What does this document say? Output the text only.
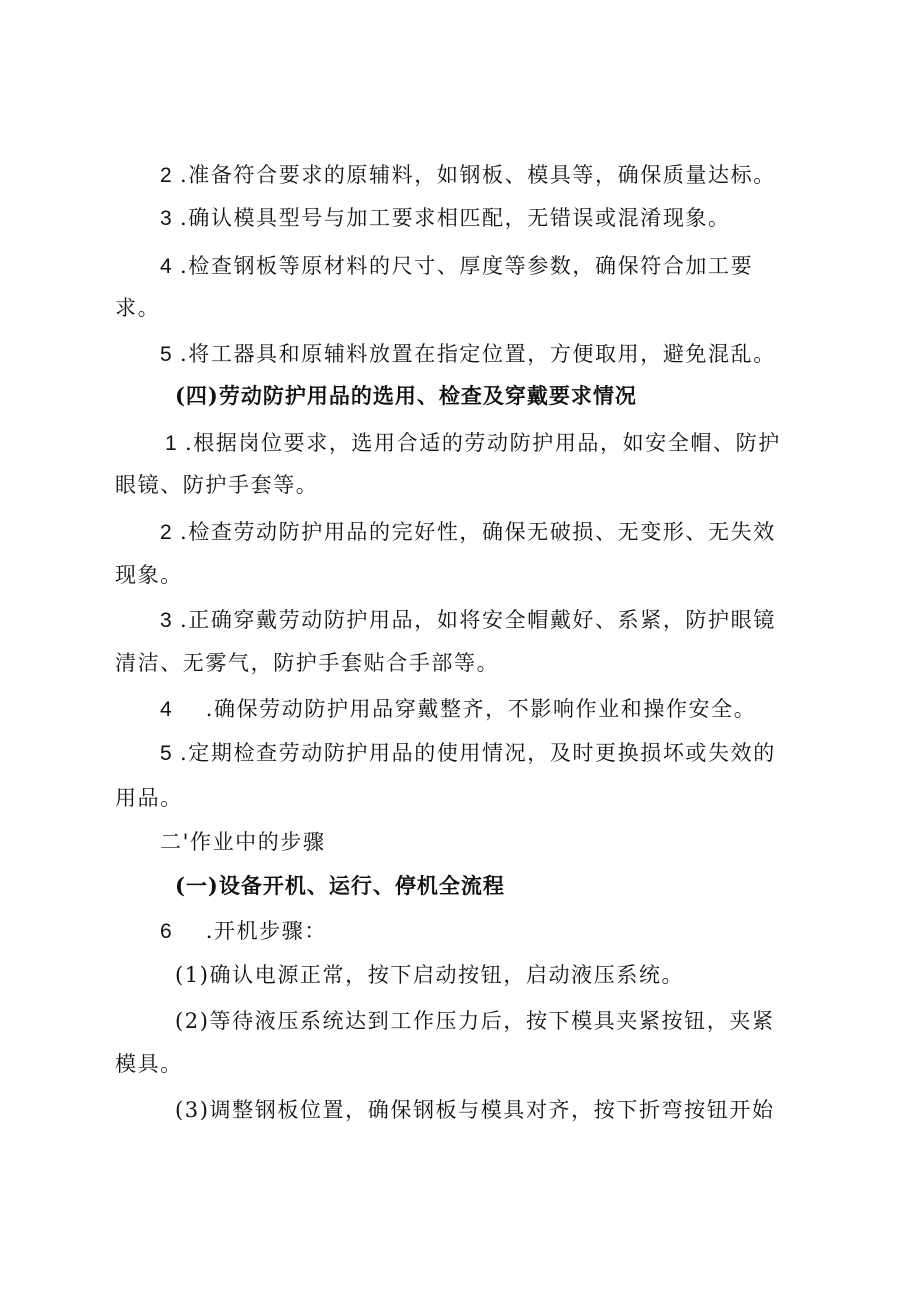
2 .准备符合要求的原辅料，如钢板、模具等，确保质量达标。
3 .确认模具型号与加工要求相匹配，无错误或混淆现象。
4 .检查钢板等原材料的尺寸、厚度等参数，确保符合加工要
求。
5 .将工器具和原辅料放置在指定位置，方便取用，避免混乱。
(四)劳动防护用品的选用、检查及穿戴要求情况
1 .根据岗位要求，选用合适的劳动防护用品，如安全帽、防护
眼镜、防护手套等。
2 .检查劳动防护用品的完好性，确保无破损、无变形、无失效
现象。
3 .正确穿戴劳动防护用品，如将安全帽戴好、系紧，防护眼镜
清洁、无雾气，防护手套贴合手部等。
4 .确保劳动防护用品穿戴整齐，不影响作业和操作安全。
5 .定期检查劳动防护用品的使用情况，及时更换损坏或失效的
用品。
二'作业中的步骤
(一)设备开机、运行、停机全流程
6 .开机步骤：
(1)确认电源正常，按下启动按钮，启动液压系统。
(2)等待液压系统达到工作压力后，按下模具夹紧按钮，夹紧
模具。
(3)调整钢板位置，确保钢板与模具对齐，按下折弯按钮开始
